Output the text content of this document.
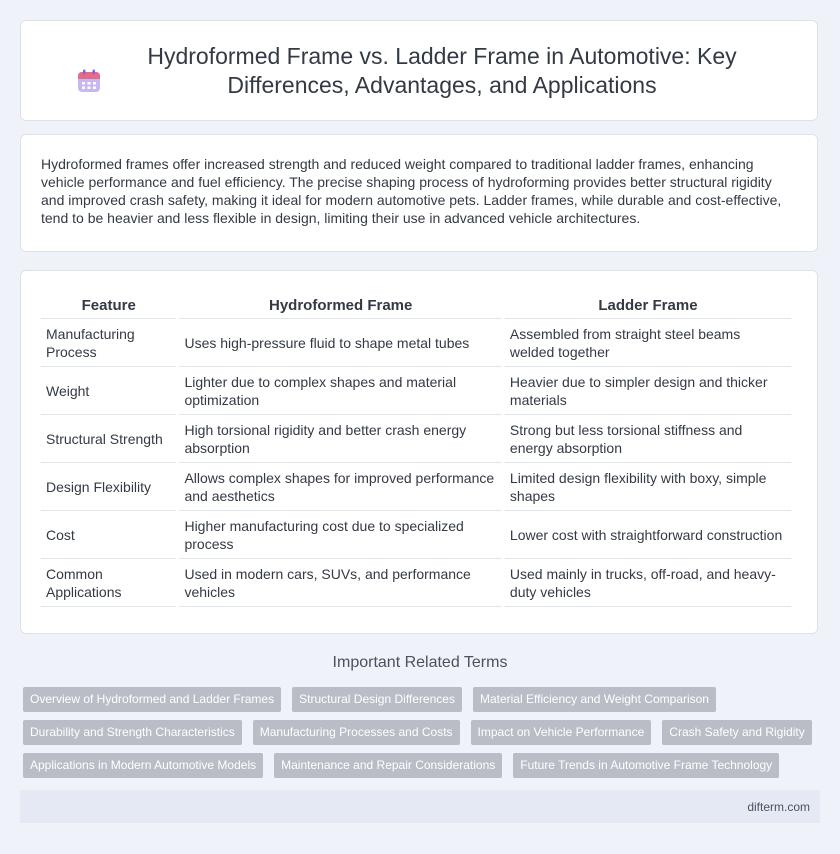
Hydroformed Frame vs. Ladder Frame in Automotive: Key Differences, Advantages, and Applications

Hydroformed frames offer increased strength and reduced weight compared to traditional ladder frames, enhancing vehicle performance and fuel efficiency. The precise shaping process of hydroforming provides better structural rigidity and improved crash safety, making it ideal for modern automotive pets. Ladder frames, while durable and cost-effective, tend to be heavier and less flexible in design, limiting their use in advanced vehicle architectures.

Feature	Hydroformed Frame	Ladder Frame
Manufacturing Process	Uses high-pressure fluid to shape metal tubes	Assembled from straight steel beams welded together
Weight	Lighter due to complex shapes and material optimization	Heavier due to simpler design and thicker materials
Structural Strength	High torsional rigidity and better crash energy absorption	Strong but less torsional stiffness and energy absorption
Design Flexibility	Allows complex shapes for improved performance and aesthetics	Limited design flexibility with boxy, simple shapes
Cost	Higher manufacturing cost due to specialized process	Lower cost with straightforward construction
Common Applications	Used in modern cars, SUVs, and performance vehicles	Used mainly in trucks, off-road, and heavy-duty vehicles
Important Related Terms
Overview of Hydroformed and Ladder Frames	Structural Design Differences	Material Efficiency and Weight Comparison
Durability and Strength Characteristics	Manufacturing Processes and Costs	Impact on Vehicle Performance	Crash Safety and Rigidity
Applications in Modern Automotive Models	Maintenance and Repair Considerations	Future Trends in Automotive Frame Technology
difterm.com
